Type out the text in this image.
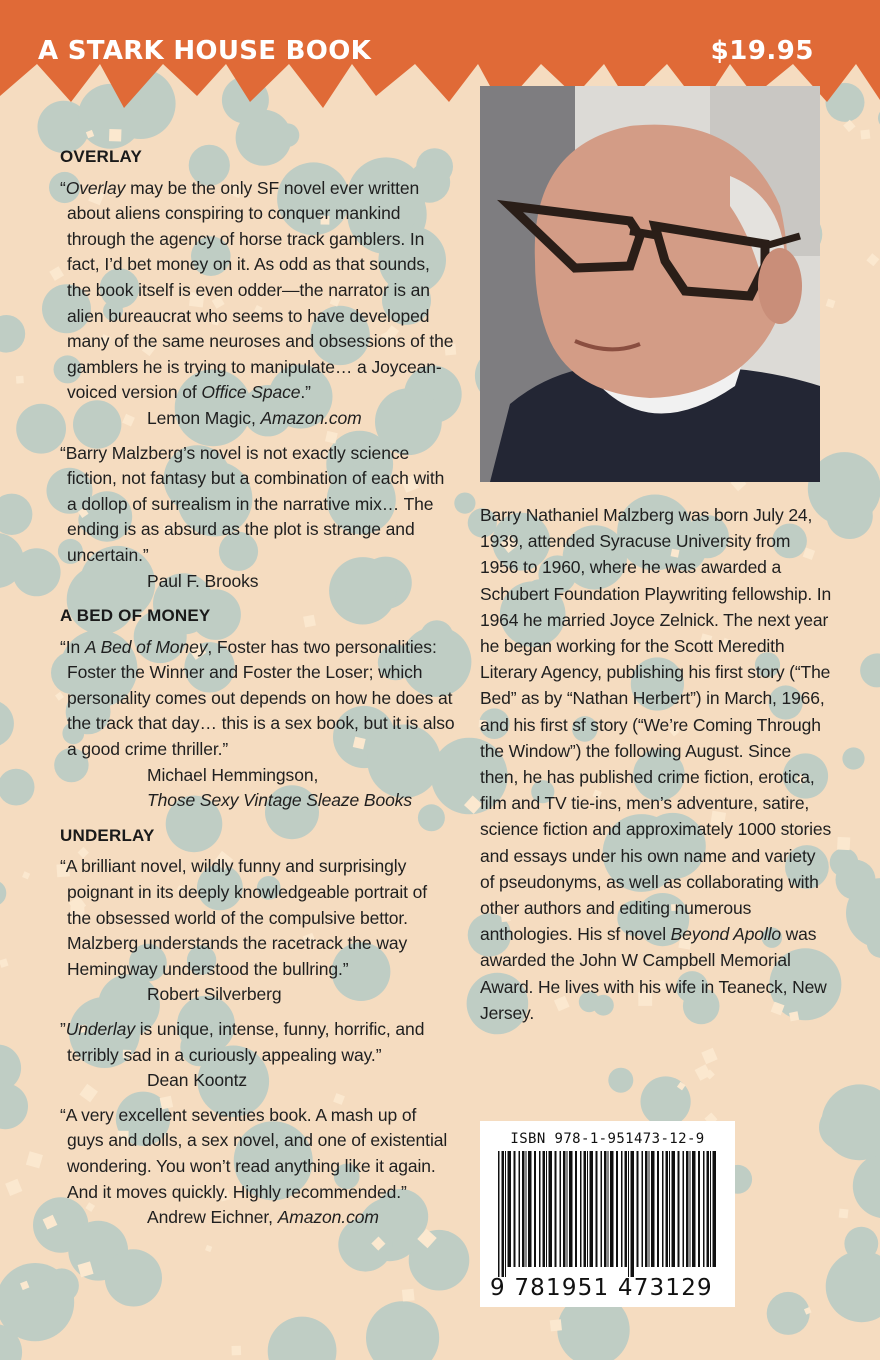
A STARK HOUSE BOOK	$19.95
OVERLAY
“Overlay may be the only SF novel ever written about aliens conspiring to conquer mankind through the agency of horse track gamblers. In fact, I’d bet money on it. As odd as that sounds, the book itself is even odder—the narrator is an alien bureaucrat who seems to have developed many of the same neuroses and obsessions of the gamblers he is trying to manipulate… a Joycean-voiced version of Office Space.”
Lemon Magic, Amazon.com
“Barry Malzberg’s novel is not exactly science fiction, not fantasy but a combination of each with a dollop of surrealism in the narrative mix… The ending is as absurd as the plot is strange and uncertain.”
Paul F. Brooks
A BED OF MONEY
“In A Bed of Money, Foster has two personalities: Foster the Winner and Foster the Loser; which personality comes out depends on how he does at the track that day… this is a sex book, but it is also a good crime thriller.”
Michael Hemmingson,
Those Sexy Vintage Sleaze Books
UNDERLAY
“A brilliant novel, wildly funny and surprisingly poignant in its deeply knowledgeable portrait of the obsessed world of the compulsive bettor. Malzberg understands the racetrack the way Hemingway understood the bullring.”
Robert Silverberg
”Underlay is unique, intense, funny, horrific, and terribly sad in a curiously appealing way.”
Dean Koontz
“A very excellent seventies book. A mash up of guys and dolls, a sex novel, and one of existential wondering. You won’t read anything like it again. And it moves quickly. Highly recommended.”
Andrew Eichner, Amazon.com
Barry Nathaniel Malzberg was born July 24, 1939, attended Syracuse University from 1956 to 1960, where he was awarded a Schubert Foundation Playwriting fellowship. In 1964 he married Joyce Zelnick. The next year he began working for the Scott Meredith Literary Agency, publishing his first story (“The Bed” as by “Nathan Herbert”) in March, 1966, and his first sf story (“We’re Coming Through the Window”) the following August. Since then, he has published crime fiction, erotica, film and TV tie-ins, men’s adventure, satire, science fiction and approximately 1000 stories and essays under his own name and variety of pseudonyms, as well as collaborating with other authors and editing numerous anthologies. His sf novel Beyond Apollo was awarded the John W Campbell Memorial Award. He lives with his wife in Teaneck, New Jersey.
ISBN 978-1-951473-12-9
9 781951 473129
